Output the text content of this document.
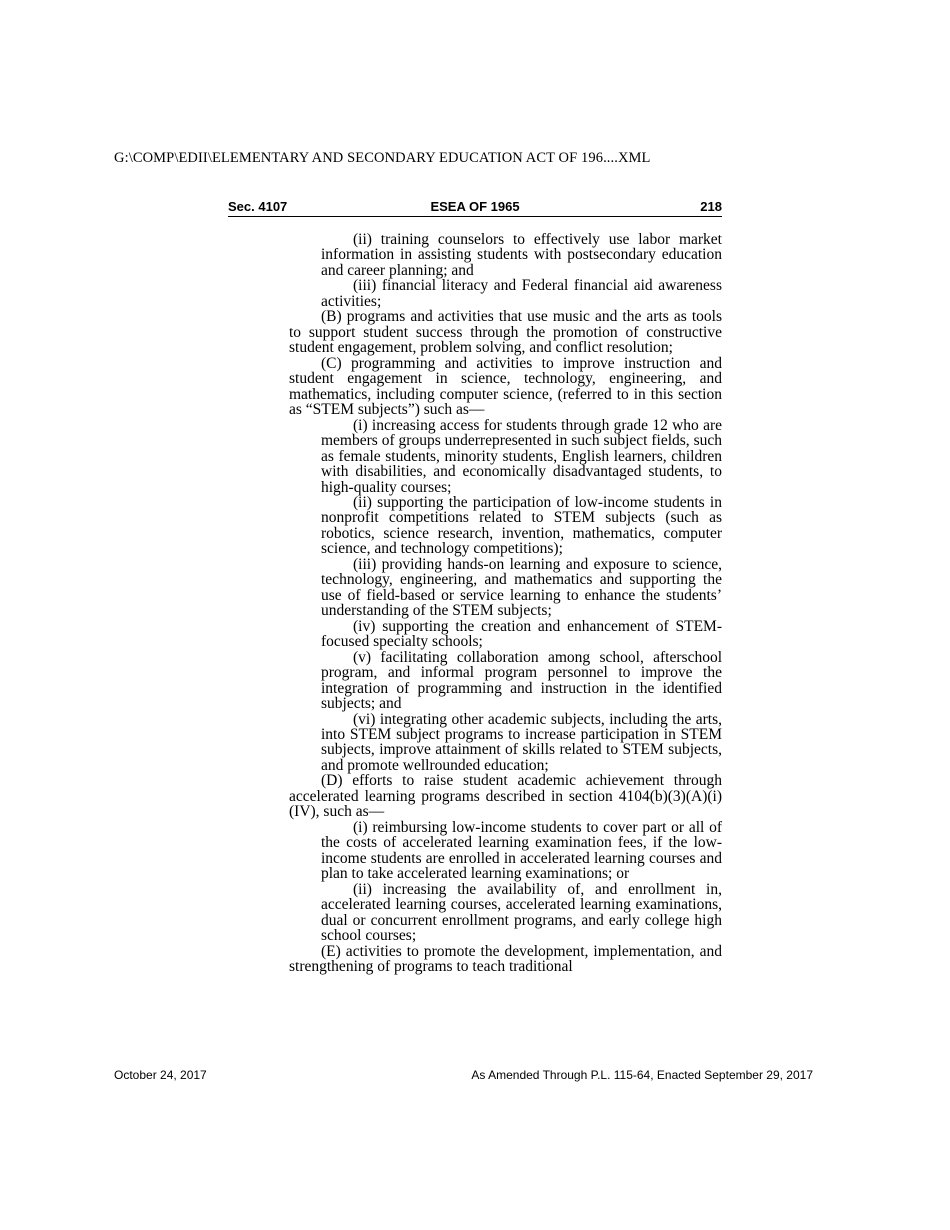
G:\COMP\EDII\ELEMENTARY AND SECONDARY EDUCATION ACT OF 196....XML
Sec. 4107	ESEA OF 1965	218
(ii) training counselors to effectively use labor market information in assisting students with postsecondary education and career planning; and
(iii) financial literacy and Federal financial aid awareness activities;
(B) programs and activities that use music and the arts as tools to support student success through the promotion of constructive student engagement, problem solving, and conflict resolution;
(C) programming and activities to improve instruction and student engagement in science, technology, engineering, and mathematics, including computer science, (referred to in this section as “STEM subjects”) such as—
(i) increasing access for students through grade 12 who are members of groups underrepresented in such subject fields, such as female students, minority students, English learners, children with disabilities, and economically disadvantaged students, to high-quality courses;
(ii) supporting the participation of low-income students in nonprofit competitions related to STEM subjects (such as robotics, science research, invention, mathematics, computer science, and technology competitions);
(iii) providing hands-on learning and exposure to science, technology, engineering, and mathematics and supporting the use of field-based or service learning to enhance the students’ understanding of the STEM subjects;
(iv) supporting the creation and enhancement of STEM-focused specialty schools;
(v) facilitating collaboration among school, afterschool program, and informal program personnel to improve the integration of programming and instruction in the identified subjects; and
(vi) integrating other academic subjects, including the arts, into STEM subject programs to increase participation in STEM subjects, improve attainment of skills related to STEM subjects, and promote wellrounded education;
(D) efforts to raise student academic achievement through accelerated learning programs described in section 4104(b)(3)(A)(i)(IV), such as—
(i) reimbursing low-income students to cover part or all of the costs of accelerated learning examination fees, if the low-income students are enrolled in accelerated learning courses and plan to take accelerated learning examinations; or
(ii) increasing the availability of, and enrollment in, accelerated learning courses, accelerated learning examinations, dual or concurrent enrollment programs, and early college high school courses;
(E) activities to promote the development, implementation, and strengthening of programs to teach traditional
October 24, 2017	As Amended Through P.L. 115-64, Enacted September 29, 2017
